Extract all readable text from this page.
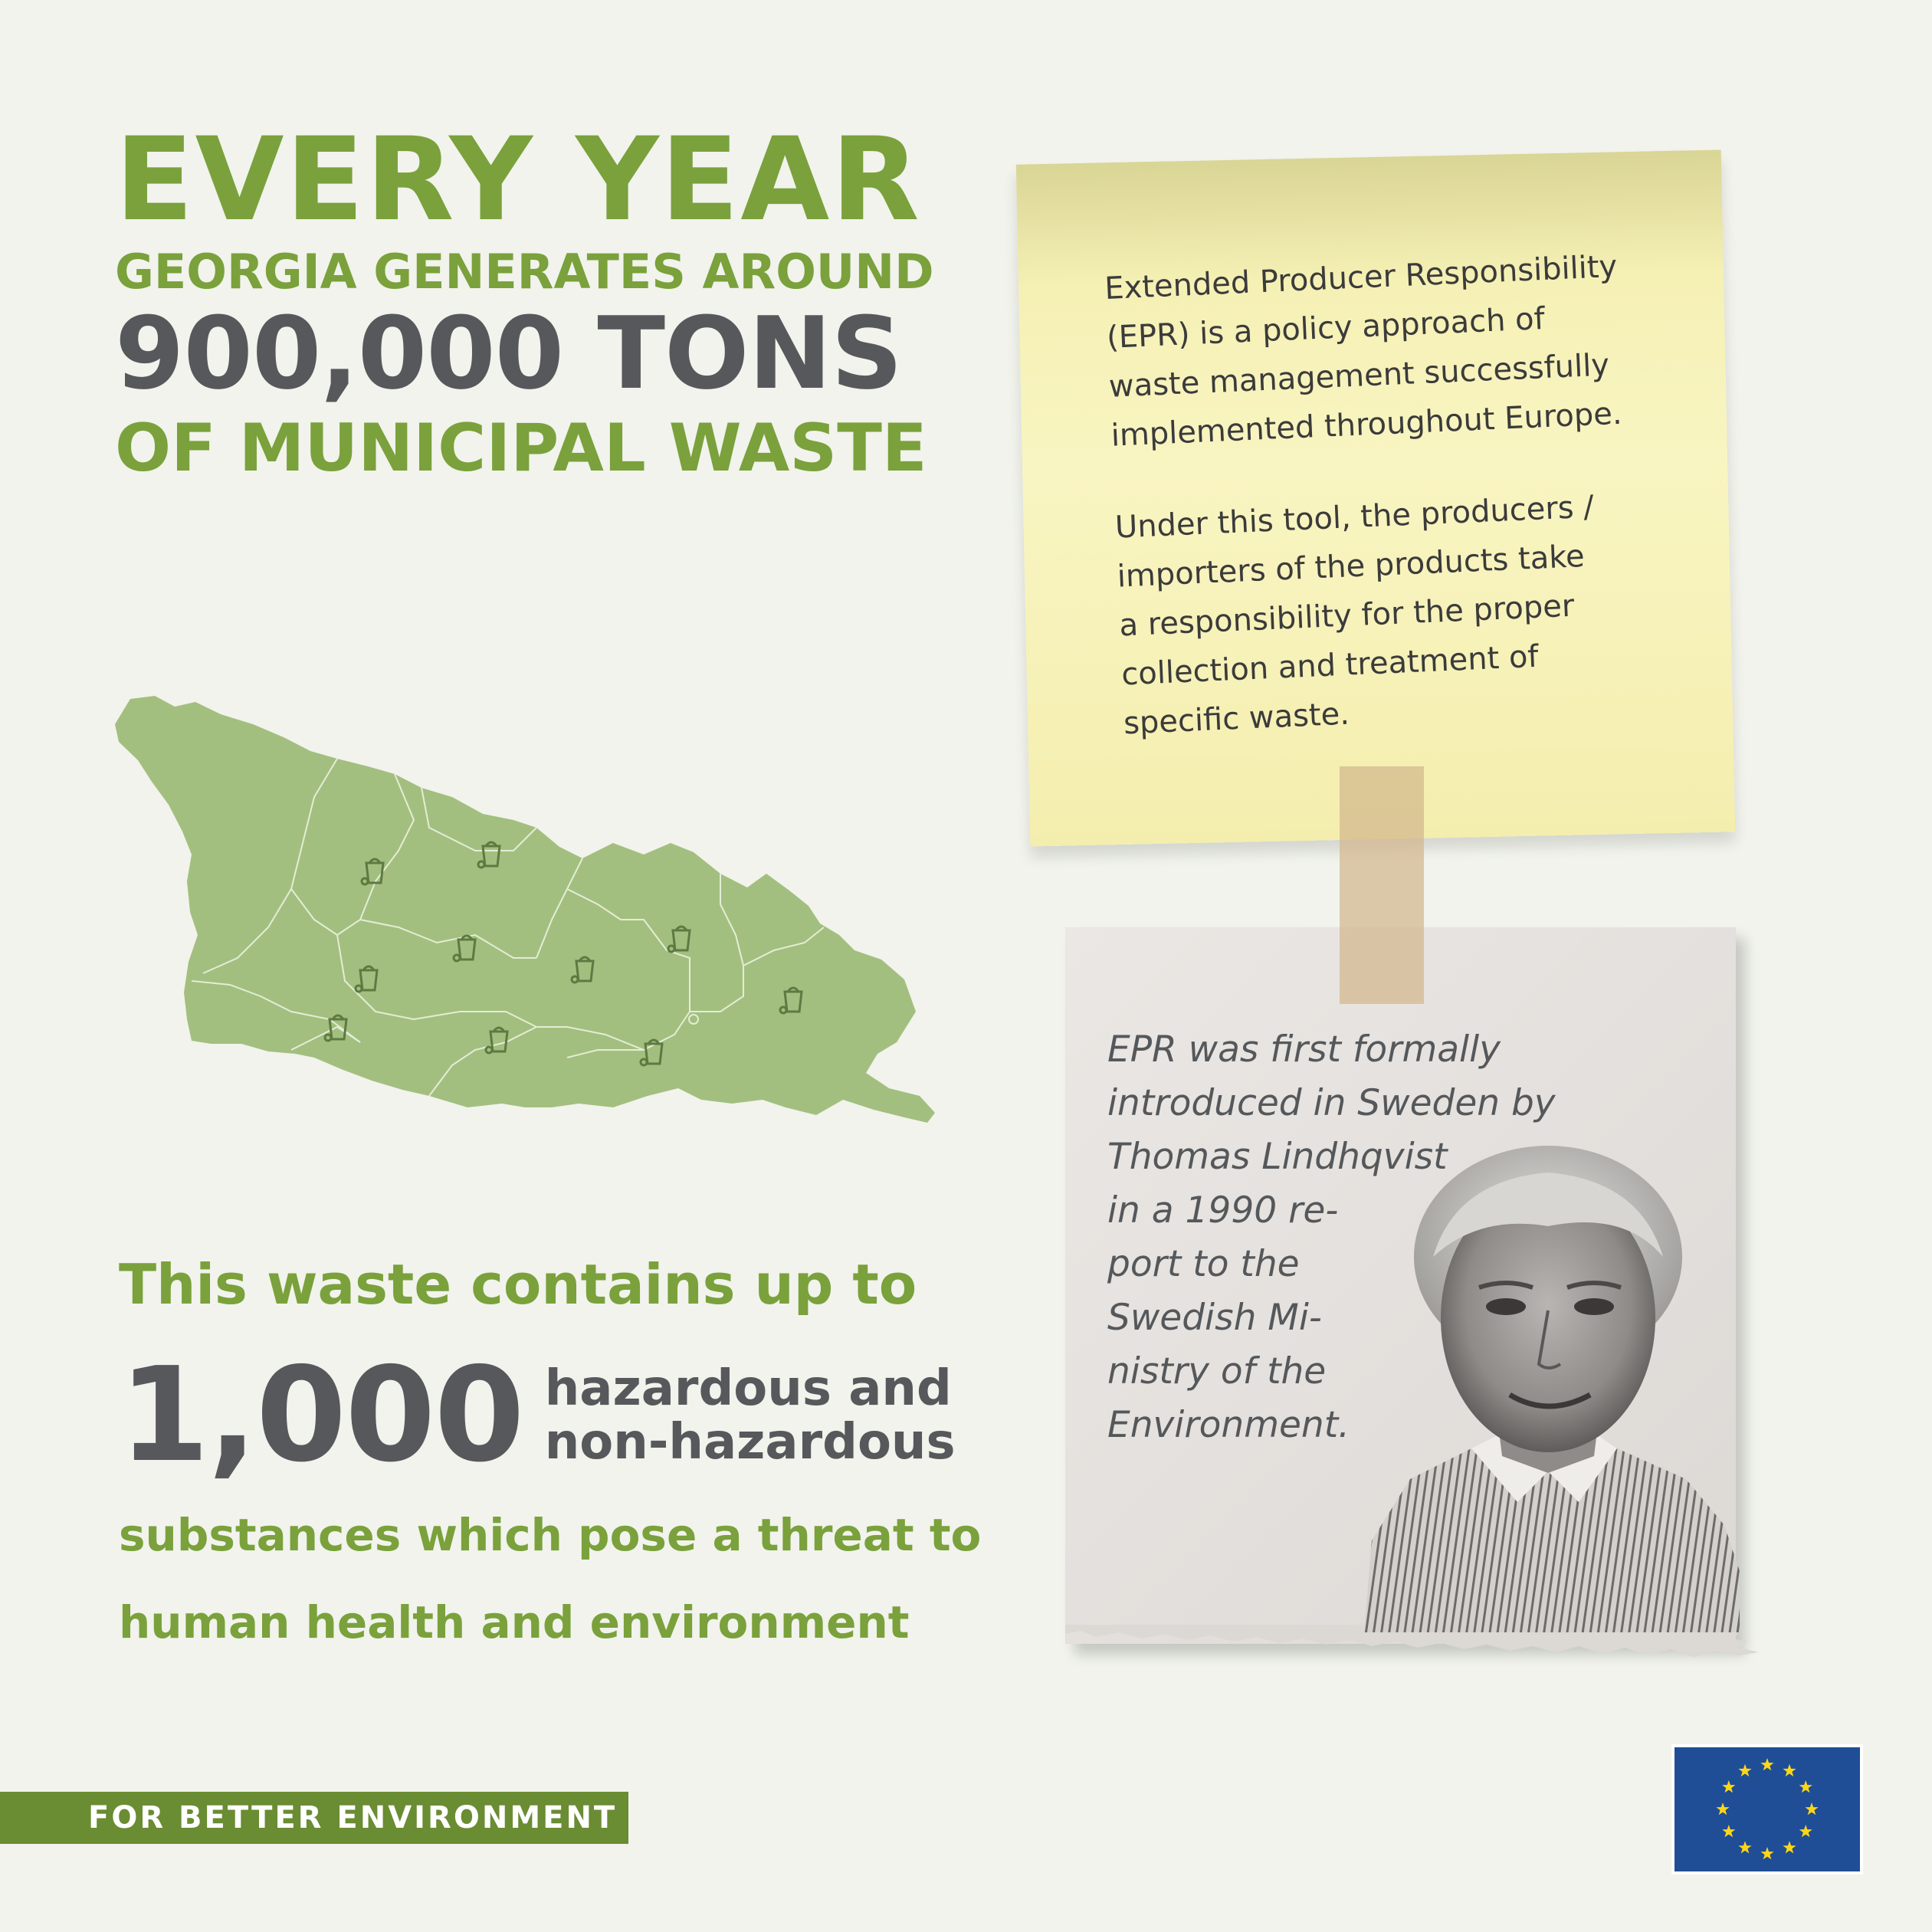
EVERY YEAR
GEORGIA GENERATES AROUND
900,000 TONS
OF MUNICIPAL WASTE
This waste contains up to
1,000 hazardous and
non-hazardous
substances which pose a threat to
human health and environment
FOR BETTER ENVIRONMENT

Extended Producer Responsibility
(EPR) is a policy approach of
waste management successfully
implemented throughout Europe.

Under this tool, the producers /
importers of the products take
a responsibility for the proper
collection and treatment of
specific waste.

EPR was first formally
introduced in Sweden by
Thomas Lindhqvist
in a 1990 re-
port to the
Swedish Mi-
nistry of the
Environment.
